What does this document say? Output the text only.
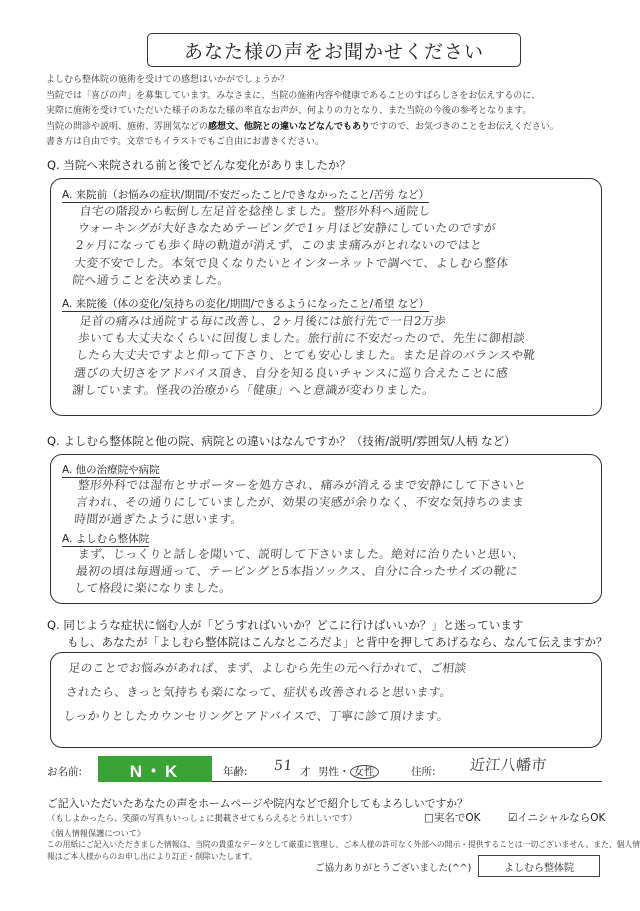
あなた様の声をお聞かせください
よしむら整体院の施術を受けての感想はいかがでしょうか？
当院では「喜びの声」を募集しています。みなさまに、当院の施術内容や健康であることのすばらしさをお伝えするのに、
実際に施術を受けていただいた様子のあなた様の率直なお声が、何よりの力となり、また当院の今後の参考となります。
当院の問診や説明、施術、雰囲気などの感想文、他院との違いなどなんでもありですので、お気づきのことをお伝えください。
書き方は自由です。文章でもイラストでもご自由にお書きください。
Q. 当院へ来院される前と後でどんな変化がありましたか？
A. 来院前（お悩みの症状/期間/不安だったこと/できなかったこと/苦労 など）
自宅の階段から転倒し左足首を捻挫しました。整形外科へ通院し
ウォーキングが大好きなためテーピングで1ヶ月ほど安静にしていたのですが
2ヶ月になっても歩く時の軌道が消えず、このまま痛みがとれないのではと
大変不安でした。本気で良くなりたいとインターネットで調べて、よしむら整体
院へ通うことを決めました。
A. 来院後（体の変化/気持ちの変化/期間/できるようになったこと/希望 など）
足首の痛みは通院する毎に改善し、2ヶ月後には旅行先で一日2万歩
歩いても大丈夫なくらいに回復しました。旅行前に不安だったので、先生に御相談
したら大丈夫ですよと仰って下さり、とても安心しました。また足首のバランスや靴
選びの大切さをアドバイス頂き、自分を知る良いチャンスに巡り合えたことに感
謝しています。怪我の治療から「健康」へと意識が変わりました。
Q. よしむら整体院と他の院、病院との違いはなんですか？（技術/説明/雰囲気/人柄 など）
A. 他の治療院や病院
整形外科では湿布とサポーターを処方され、痛みが消えるまで安静にして下さいと
言われ、その通りにしていましたが、効果の実感が余りなく、不安な気持ちのまま
時間が過ぎたように思います。
A. よしむら整体院
まず、じっくりと話しを聞いて、説明して下さいました。絶対に治りたいと思い、
最初の頃は毎週通って、テーピングと5本指ソックス、自分に合ったサイズの靴に
して格段に楽になりました。
Q. 同じような症状に悩む人が「どうすればいいか？どこに行けばいいか？」と迷っています
もし、あなたが「よしむら整体院はこんなところだよ」と背中を押してあげるなら、なんて伝えますか？
足のことでお悩みがあれば、まず、よしむら先生の元へ行かれて、ご相談
されたら、きっと気持ちも楽になって、症状も改善されると思います。
しっかりとしたカウンセリングとアドバイスで、丁寧に診て頂けます。
お名前:	N・K	年齢: 51 才 男性・ 女性	住所: 近江八幡市
ご記入いただいたあなたの声をホームページや院内などで紹介してもよろしいですか？
（もしよかったら、笑顔の写真もいっしょに掲載させてもらえるとうれしいです）	□実名でOK	☑イニシャルならOK
《個人情報保護について》
この用紙にご記入いただきました情報は、当院の貴重なデータとして厳重に管理し、ご本人様の許可なく外部への開示・提供することは一切ございません。また、個人情
報はご本人様からのお申し出により訂正・削除いたします。
ご協力ありがとうございました(^^)	よしむら整体院
